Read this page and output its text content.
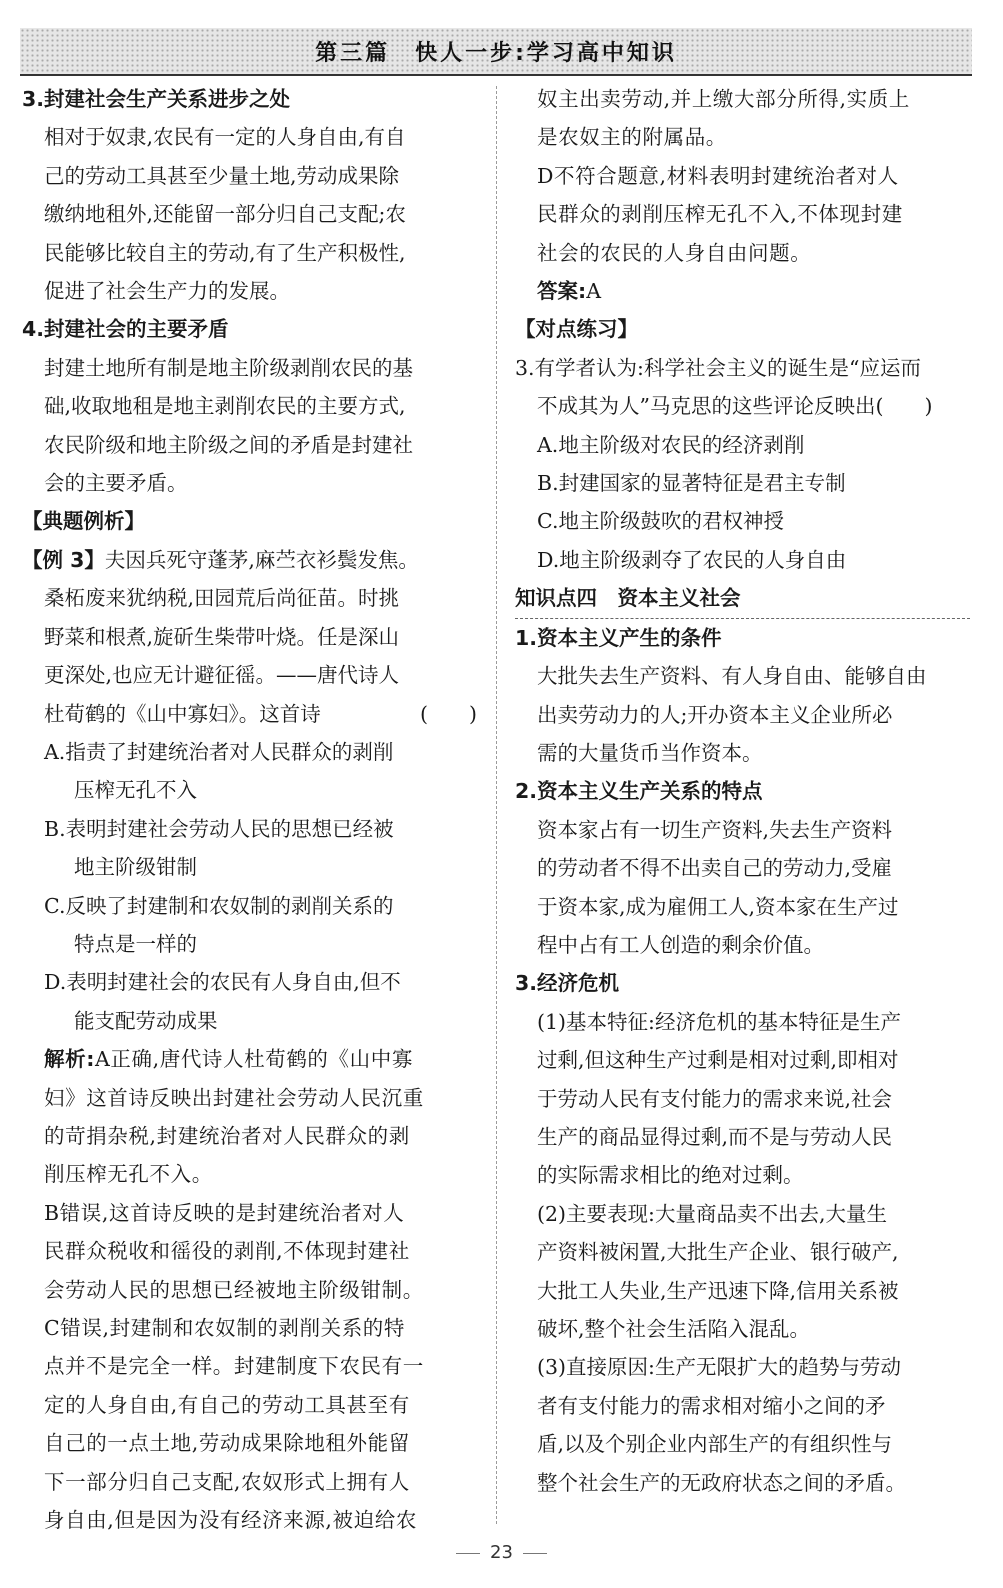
第三篇　快人一步:学习高中知识

3.封建社会生产关系进步之处

相对于奴隶,农民有一定的人身自由,有自

己的劳动工具甚至少量土地,劳动成果除

缴纳地租外,还能留一部分归自己支配;农

民能够比较自主的劳动,有了生产积极性,

促进了社会生产力的发展。

4.封建社会的主要矛盾

封建土地所有制是地主阶级剥削农民的基

础,收取地租是地主剥削农民的主要方式,

农民阶级和地主阶级之间的矛盾是封建社

会的主要矛盾。

【典题例析】

【例 3】夫因兵死守蓬茅,麻苎衣衫鬓发焦。

桑柘废来犹纳税,田园荒后尚征苗。时挑

野菜和根煮,旋斫生柴带叶烧。任是深山

更深处,也应无计避征徭。——唐代诗人

杜荀鹤的《山中寡妇》。这首诗	(　　)

A.指责了封建统治者对人民群众的剥削

压榨无孔不入

B.表明封建社会劳动人民的思想已经被

地主阶级钳制

C.反映了封建制和农奴制的剥削关系的

特点是一样的

D.表明封建社会的农民有人身自由,但不

能支配劳动成果

解析:A正确,唐代诗人杜荀鹤的《山中寡

妇》这首诗反映出封建社会劳动人民沉重

的苛捐杂税,封建统治者对人民群众的剥

削压榨无孔不入。

B错误,这首诗反映的是封建统治者对人

民群众税收和徭役的剥削,不体现封建社

会劳动人民的思想已经被地主阶级钳制。

C错误,封建制和农奴制的剥削关系的特

点并不是完全一样。封建制度下农民有一

定的人身自由,有自己的劳动工具甚至有

自己的一点土地,劳动成果除地租外能留

下一部分归自己支配,农奴形式上拥有人

身自由,但是因为没有经济来源,被迫给农

奴主出卖劳动,并上缴大部分所得,实质上

是农奴主的附属品。

D不符合题意,材料表明封建统治者对人

民群众的剥削压榨无孔不入,不体现封建

社会的农民的人身自由问题。

答案:A

【对点练习】

3.有学者认为:科学社会主义的诞生是“应运而

不成其为人”马克思的这些评论反映出(　　)

A.地主阶级对农民的经济剥削

B.封建国家的显著特征是君主专制

C.地主阶级鼓吹的君权神授

D.地主阶级剥夺了农民的人身自由

知识点四　资本主义社会

1.资本主义产生的条件

大批失去生产资料、有人身自由、能够自由

出卖劳动力的人;开办资本主义企业所必

需的大量货币当作资本。

2.资本主义生产关系的特点

资本家占有一切生产资料,失去生产资料

的劳动者不得不出卖自己的劳动力,受雇

于资本家,成为雇佣工人,资本家在生产过

程中占有工人创造的剩余价值。

3.经济危机

(1)基本特征:经济危机的基本特征是生产

过剩,但这种生产过剩是相对过剩,即相对

于劳动人民有支付能力的需求来说,社会

生产的商品显得过剩,而不是与劳动人民

的实际需求相比的绝对过剩。

(2)主要表现:大量商品卖不出去,大量生

产资料被闲置,大批生产企业、银行破产,

大批工人失业,生产迅速下降,信用关系被

破坏,整个社会生活陷入混乱。

(3)直接原因:生产无限扩大的趋势与劳动

者有支付能力的需求相对缩小之间的矛

盾,以及个别企业内部生产的有组织性与

整个社会生产的无政府状态之间的矛盾。

23
